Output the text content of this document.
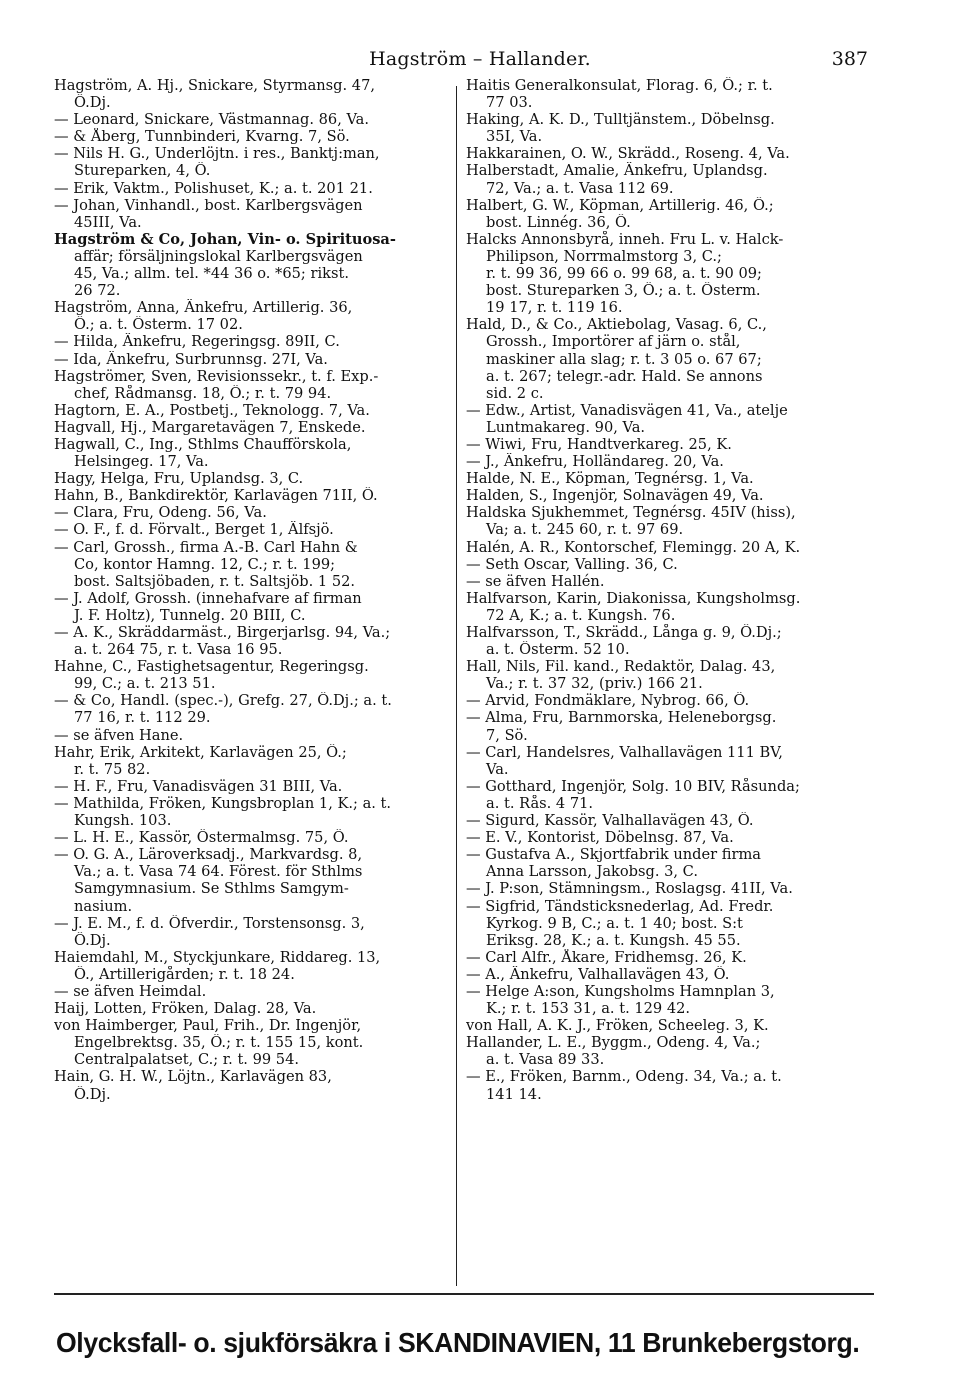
Hagström – Hallander.	387
Hagström, A. Hj., Snickare, Styrmansg. 47,
Ö.Dj.
— Leonard, Snickare, Västmannag. 86, Va.
— & Åberg, Tunnbinderi, Kvarng. 7, Sö.
— Nils H. G., Underlöjtn. i res., Banktj:man,
Stureparken, 4, Ö.
— Erik, Vaktm., Polishuset, K.; a. t. 201 21.
— Johan, Vinhandl., bost. Karlbergsvägen
45III, Va.
Hagström & Co, Johan, Vin- o. Spirituosa-
affär; försäljningslokal Karlbergsvägen
45, Va.; allm. tel. *44 36 o. *65; rikst.
26 72.
Hagström, Anna, Änkefru, Artillerig. 36,
Ö.; a. t. Österm. 17 02.
— Hilda, Änkefru, Regeringsg. 89II, C.
— Ida, Änkefru, Surbrunnsg. 27I, Va.
Hagströmer, Sven, Revisionssekr., t. f. Exp.-
chef, Rådmansg. 18, Ö.; r. t. 79 94.
Hagtorn, E. A., Postbetj., Teknologg. 7, Va.
Hagvall, Hj., Margaretavägen 7, Enskede.
Hagwall, C., Ing., Sthlms Chaufförskola,
Helsingeg. 17, Va.
Hagy, Helga, Fru, Uplandsg. 3, C.
Hahn, B., Bankdirektör, Karlavägen 71II, Ö.
— Clara, Fru, Odeng. 56, Va.
— O. F., f. d. Förvalt., Berget 1, Älfsjö.
— Carl, Grossh., firma A.-B. Carl Hahn &
Co, kontor Hamng. 12, C.; r. t. 199;
bost. Saltsjöbaden, r. t. Saltsjöb. 1 52.
— J. Adolf, Grossh. (innehafvare af firman
J. F. Holtz), Tunnelg. 20 BIII, C.
— A. K., Skräddarmäst., Birgerjarlsg. 94, Va.;
a. t. 264 75, r. t. Vasa 16 95.
Hahne, C., Fastighetsagentur, Regeringsg.
99, C.; a. t. 213 51.
— & Co, Handl. (spec.-), Grefg. 27, Ö.Dj.; a. t.
77 16, r. t. 112 29.
— se äfven Hane.
Hahr, Erik, Arkitekt, Karlavägen 25, Ö.;
r. t. 75 82.
— H. F., Fru, Vanadisvägen 31 BIII, Va.
— Mathilda, Fröken, Kungsbroplan 1, K.; a. t.
Kungsh. 103.
— L. H. E., Kassör, Östermalmsg. 75, Ö.
— O. G. A., Läroverksadj., Markvardsg. 8,
Va.; a. t. Vasa 74 64. Förest. för Sthlms
Samgymnasium. Se Sthlms Samgym-
nasium.
— J. E. M., f. d. Öfverdir., Torstensonsg. 3,
Ö.Dj.
Haiemdahl, M., Styckjunkare, Riddareg. 13,
Ö., Artillerigården; r. t. 18 24.
— se äfven Heimdal.
Haij, Lotten, Fröken, Dalag. 28, Va.
von Haimberger, Paul, Frih., Dr. Ingenjör,
Engelbrektsg. 35, Ö.; r. t. 155 15, kont.
Centralpalatset, C.; r. t. 99 54.
Hain, G. H. W., Löjtn., Karlavägen 83,
Ö.Dj.
Haitis Generalkonsulat, Florag. 6, Ö.; r. t.
77 03.
Haking, A. K. D., Tulltjänstem., Döbelnsg.
35I, Va.
Hakkarainen, O. W., Skrädd., Roseng. 4, Va.
Halberstadt, Amalie, Änkefru, Uplandsg.
72, Va.; a. t. Vasa 112 69.
Halbert, G. W., Köpman, Artillerig. 46, Ö.;
bost. Linnég. 36, Ö.
Halcks Annonsbyrå, inneh. Fru L. v. Halck-
Philipson, Norrmalmstorg 3, C.;
r. t. 99 36, 99 66 o. 99 68, a. t. 90 09;
bost. Stureparken 3, Ö.; a. t. Österm.
19 17, r. t. 119 16.
Hald, D., & Co., Aktiebolag, Vasag. 6, C.,
Grossh., Importörer af järn o. stål,
maskiner alla slag; r. t. 3 05 o. 67 67;
a. t. 267; telegr.-adr. Hald. Se annons
sid. 2 c.
— Edw., Artist, Vanadisvägen 41, Va., atelje
Luntmakareg. 90, Va.
— Wiwi, Fru, Handtverkareg. 25, K.
— J., Änkefru, Holländareg. 20, Va.
Halde, N. E., Köpman, Tegnérsg. 1, Va.
Halden, S., Ingenjör, Solnavägen 49, Va.
Haldska Sjukhemmet, Tegnérsg. 45IV (hiss),
Va; a. t. 245 60, r. t. 97 69.
Halén, A. R., Kontorschef, Flemingg. 20 A, K.
— Seth Oscar, Valling. 36, C.
— se äfven Hallén.
Halfvarson, Karin, Diakonissa, Kungsholmsg.
72 A, K.; a. t. Kungsh. 76.
Halfvarsson, T., Skrädd., Långa g. 9, Ö.Dj.;
a. t. Österm. 52 10.
Hall, Nils, Fil. kand., Redaktör, Dalag. 43,
Va.; r. t. 37 32, (priv.) 166 21.
— Arvid, Fondmäklare, Nybrog. 66, Ö.
— Alma, Fru, Barnmorska, Heleneborgsg.
7, Sö.
— Carl, Handelsres, Valhallavägen 111 BV,
Va.
— Gotthard, Ingenjör, Solg. 10 BIV, Råsunda;
a. t. Rås. 4 71.
— Sigurd, Kassör, Valhallavägen 43, Ö.
— E. V., Kontorist, Döbelnsg. 87, Va.
— Gustafva A., Skjortfabrik under firma
Anna Larsson, Jakobsg. 3, C.
— J. P:son, Stämningsm., Roslagsg. 41II, Va.
— Sigfrid, Tändsticksnederlag, Ad. Fredr.
Kyrkog. 9 B, C.; a. t. 1 40; bost. S:t
Eriksg. 28, K.; a. t. Kungsh. 45 55.
— Carl Alfr., Åkare, Fridhemsg. 26, K.
— A., Änkefru, Valhallavägen 43, Ö.
— Helge A:son, Kungsholms Hamnplan 3,
K.; r. t. 153 31, a. t. 129 42.
von Hall, A. K. J., Fröken, Scheeleg. 3, K.
Hallander, L. E., Byggm., Odeng. 4, Va.;
a. t. Vasa 89 33.
— E., Fröken, Barnm., Odeng. 34, Va.; a. t.
141 14.
Olycksfall- o. sjukförsäkra i SKANDINAVIEN, 11 Brunkebergstorg.
